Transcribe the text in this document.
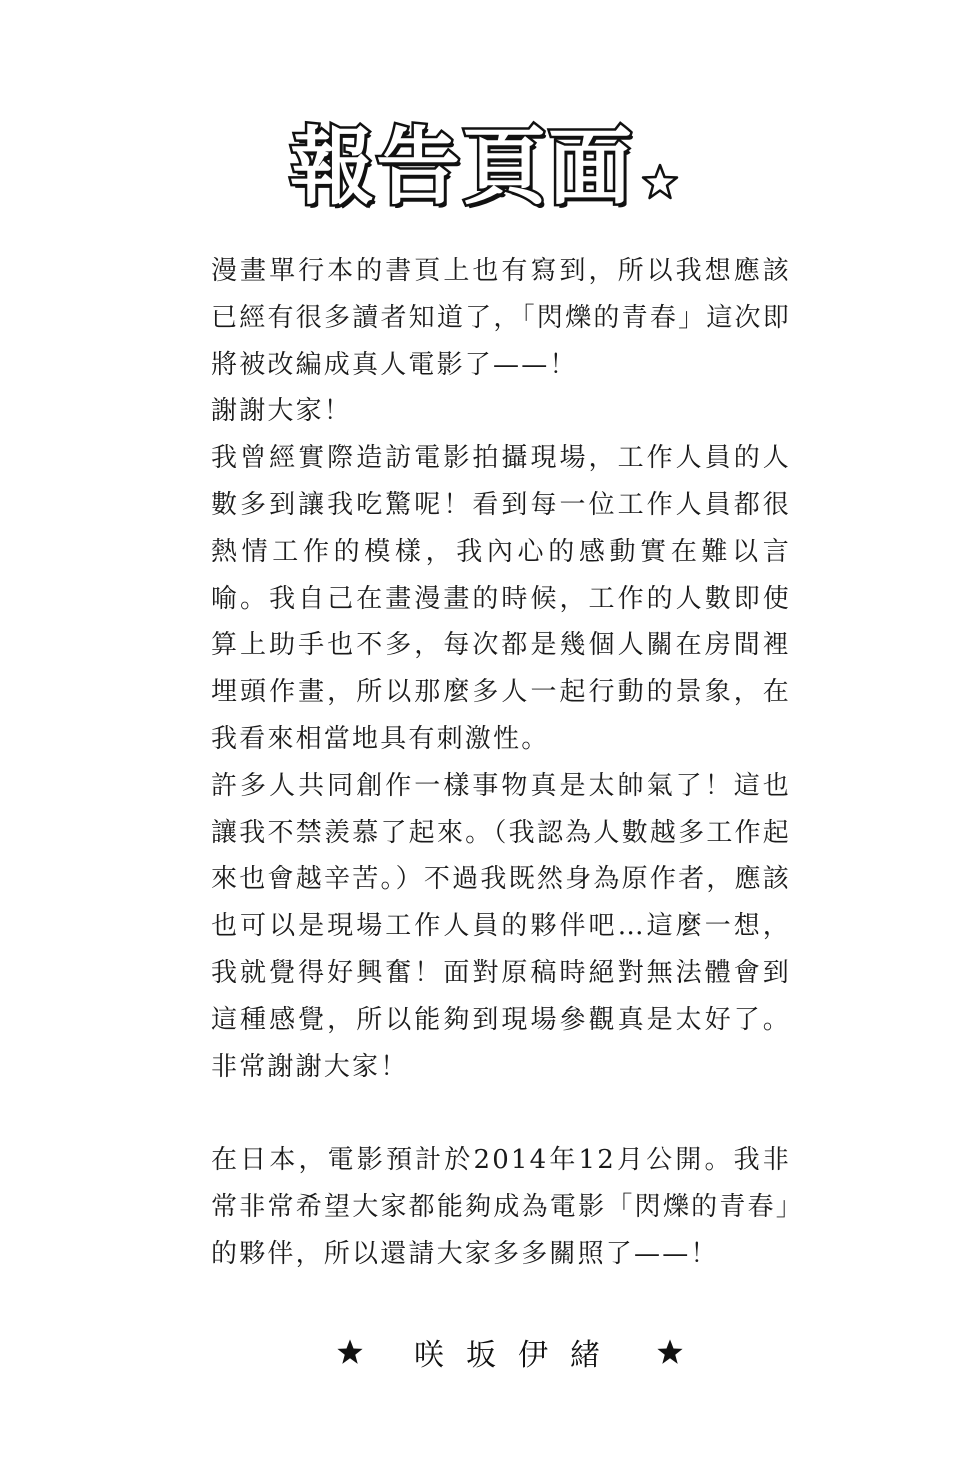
報告頁面

漫畫單行本的書頁上也有寫到，所以我想應該已經有很多讀者知道了，「閃爍的青春」這次即將被改編成真人電影了——！

謝謝大家！

我曾經實際造訪電影拍攝現場，工作人員的人數多到讓我吃驚呢！看到每一位工作人員都很熱情工作的模樣，我內心的感動實在難以言喻。我自己在畫漫畫的時候，工作的人數即使算上助手也不多，每次都是幾個人關在房間裡埋頭作畫，所以那麼多人一起行動的景象，在我看來相當地具有刺激性。

許多人共同創作一樣事物真是太帥氣了！這也讓我不禁羨慕了起來。（我認為人數越多工作起來也會越辛苦。）不過我既然身為原作者，應該也可以是現場工作人員的夥伴吧…這麼一想，我就覺得好興奮！面對原稿時絕對無法體會到這種感覺，所以能夠到現場參觀真是太好了。非常謝謝大家！

在日本，電影預計於2014年12月公開。我非常非常希望大家都能夠成為電影「閃爍的青春」的夥伴，所以還請大家多多關照了——！

咲坂伊緒
